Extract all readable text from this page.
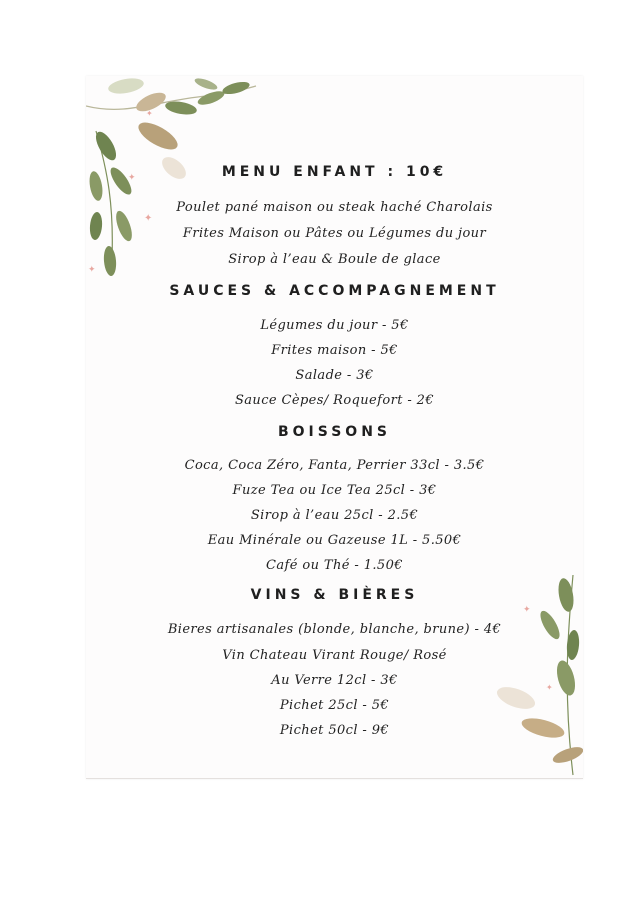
✦
✦
✦
✦
✦
✦
MENU ENFANT : 10€
Poulet pané maison ou steak haché Charolais
Frites Maison ou Pâtes ou Légumes du jour
Sirop à l’eau & Boule de glace
SAUCES & ACCOMPAGNEMENT
Légumes du jour - 5€
Frites maison - 5€
Salade - 3€
Sauce Cèpes/ Roquefort - 2€
BOISSONS
Coca, Coca Zéro, Fanta, Perrier 33cl - 3.5€
Fuze Tea ou Ice Tea 25cl - 3€
Sirop à l’eau 25cl - 2.5€
Eau Minérale ou Gazeuse 1L - 5.50€
Café ou Thé - 1.50€
VINS & BIÈRES
Bieres artisanales (blonde, blanche, brune) - 4€
Vin Chateau Virant Rouge/ Rosé
Au Verre 12cl - 3€
Pichet 25cl - 5€
Pichet 50cl - 9€
